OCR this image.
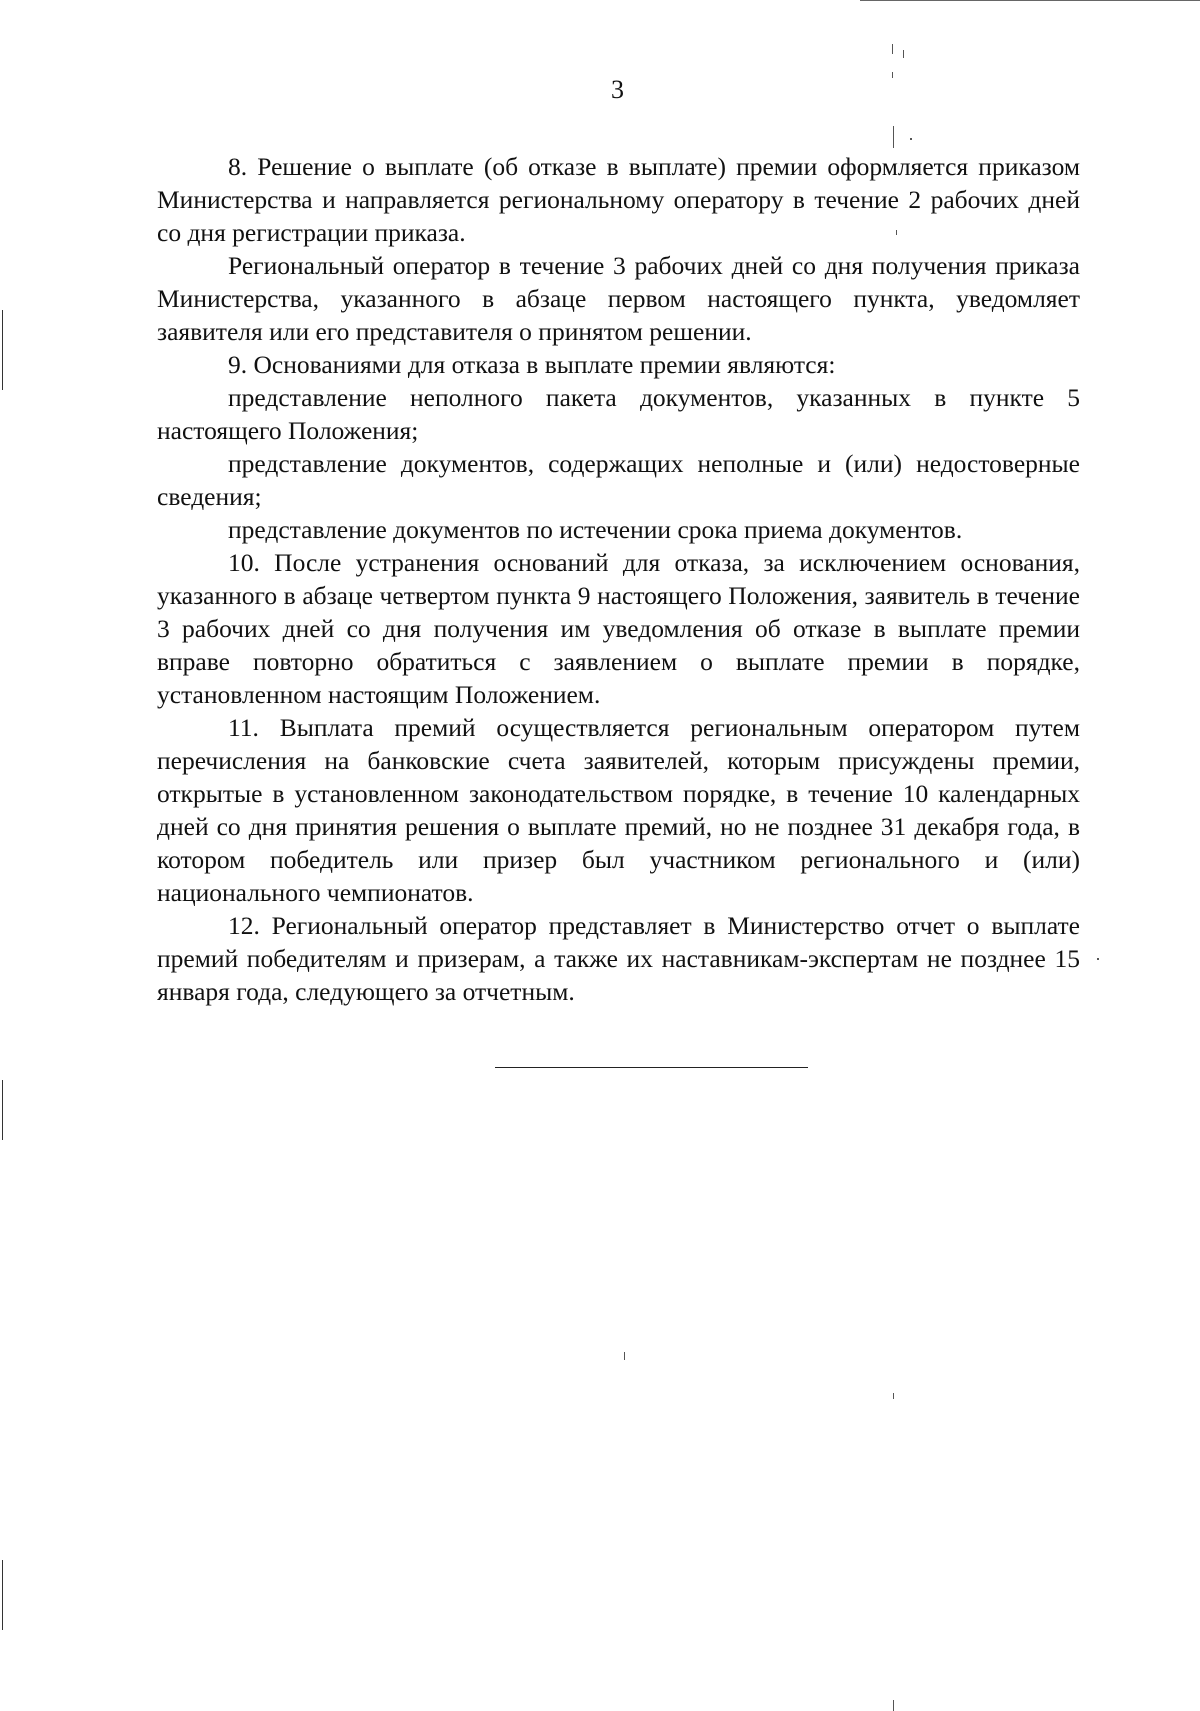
3

8. Решение о выплате (об отказе в выплате) премии оформляется приказом Министерства и направляется региональному оператору в течение 2 рабочих дней со дня регистрации приказа.

Региональный оператор в течение 3 рабочих дней со дня получения приказа Министерства, указанного в абзаце первом настоящего пункта, уведомляет заявителя или его представителя о принятом решении.

9. Основаниями для отказа в выплате премии являются:

представление неполного пакета документов, указанных в пункте 5 настоящего Положения;

представление документов, содержащих неполные и (или) недостоверные сведения;

представление документов по истечении срока приема документов.

10. После устранения оснований для отказа, за исключением основания, указанного в абзаце четвертом пункта 9 настоящего Положения, заявитель в течение 3 рабочих дней со дня получения им уведомления об отказе в выплате премии вправе повторно обратиться с заявлением о выплате премии в порядке, установленном настоящим Положением.

11. Выплата премий осуществляется региональным оператором путем перечисления на банковские счета заявителей, которым присуждены премии, открытые в установленном законодательством порядке, в течение 10 календарных дней со дня принятия решения о выплате премий, но не позднее 31 декабря года, в котором победитель или призер был участником регионального и (или) национального чемпионатов.

12. Региональный оператор представляет в Министерство отчет о выплате премий победителям и призерам, а также их наставникам-экспертам не позднее 15 января года, следующего за отчетным.
